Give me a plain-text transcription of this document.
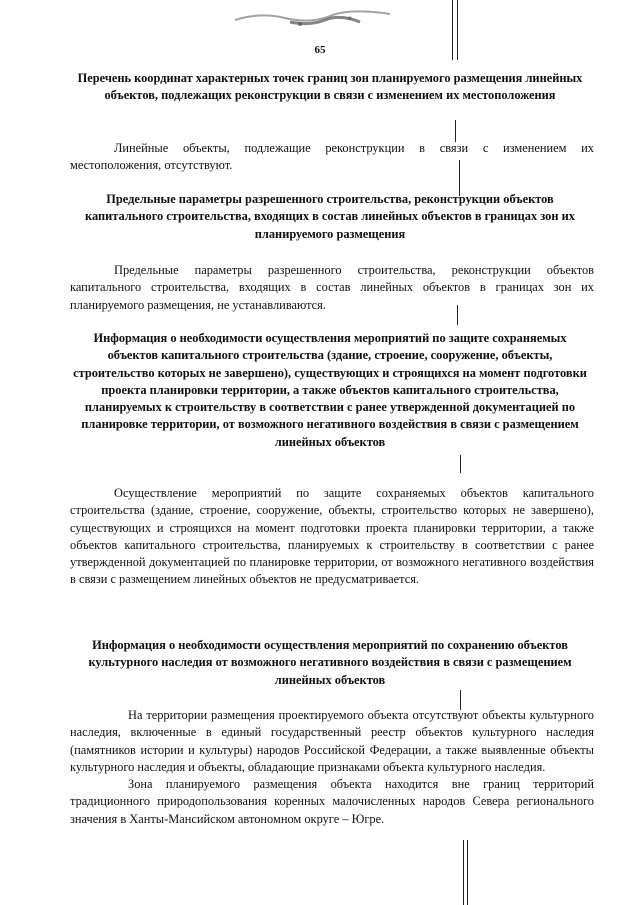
65
Перечень координат характерных точек границ зон планируемого размещения линейных объектов, подлежащих реконструкции в связи с изменением их местоположения

Линейные объекты, подлежащие реконструкции в связи с изменением их местоположения, отсутствуют.

Предельные параметры разрешенного строительства, реконструкции объектов капитального строительства, входящих в состав линейных объектов в границах зон их планируемого размещения

Предельные параметры разрешенного строительства, реконструкции объектов капитального строительства, входящих в состав линейных объектов в границах зон их планируемого размещения, не устанавливаются.

Информация о необходимости осуществления мероприятий по защите сохраняемых объектов капитального строительства (здание, строение, сооружение, объекты, строительство которых не завершено), существующих и строящихся на момент подготовки проекта планировки территории, а также объектов капитального строительства, планируемых к строительству в соответствии с ранее утвержденной документацией по планировке территории, от возможного негативного воздействия в связи с размещением линейных объектов

Осуществление мероприятий по защите сохраняемых объектов капитального строительства (здание, строение, сооружение, объекты, строительство которых не завершено), существующих и строящихся на момент подготовки проекта планировки территории, а также объектов капитального строительства, планируемых к строительству в соответствии с ранее утвержденной документацией по планировке территории, от возможного негативного воздействия в связи с размещением линейных объектов не предусматривается.

Информация о необходимости осуществления мероприятий по сохранению объектов культурного наследия от возможного негативного воздействия в связи с размещением линейных объектов

На территории размещения проектируемого объекта отсутствуют объекты культурного наследия, включенные в единый государственный реестр объектов культурного наследия (памятников истории и культуры) народов Российской Федерации, а также выявленные объекты культурного наследия и объекты, обладающие признаками объекта культурного наследия.

Зона планируемого размещения объекта находится вне границ территорий традиционного природопользования коренных малочисленных народов Севера регионального значения в Ханты-Мансийском автономном округе – Югре.
